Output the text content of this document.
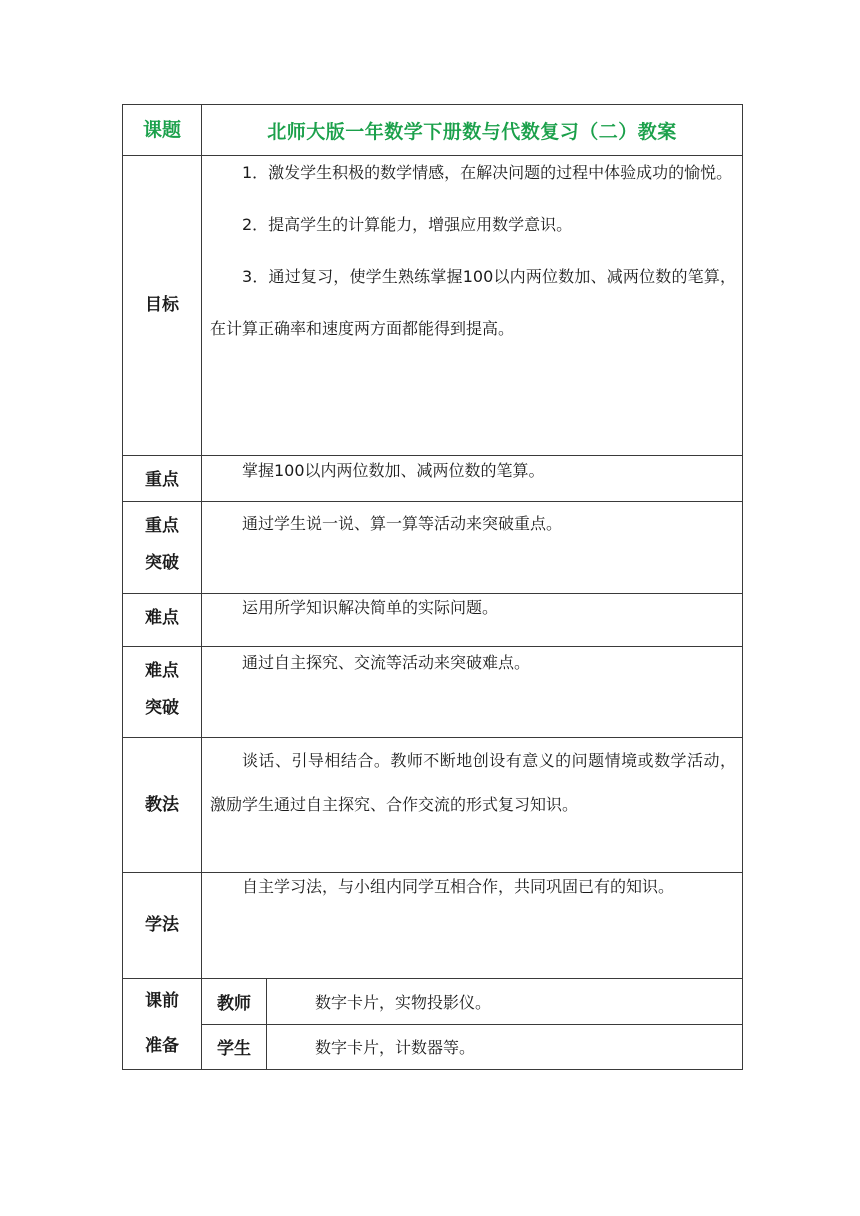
课题	北师大版一年数学下册数与代数复习（二）教案	
目标	1．激发学生积极的数学情感，在解决问题的过程中体验成功的愉悦。

2．提高学生的计算能力，增强应用数学意识。

3．通过复习，使学生熟练掌握100以内两位数加、减两位数的笔算，在计算正确率和速度两方面都能得到提高。	

重点	掌握100以内两位数加、减两位数的笔算。	

重点
突破	通过学生说一说、算一算等活动来突破重点。	

难点	运用所学知识解决简单的实际问题。	

难点
突破	通过自主探究、交流等活动来突破难点。	

教法	谈话、引导相结合。教师不断地创设有意义的问题情境或数学活动，激励学生通过自主探究、合作交流的形式复习知识。	

学法	自主学习法，与小组内同学互相合作，共同巩固已有的知识。	

课前
准备	教师	数字卡片，实物投影仪。
	学生	数字卡片，计数器等。
